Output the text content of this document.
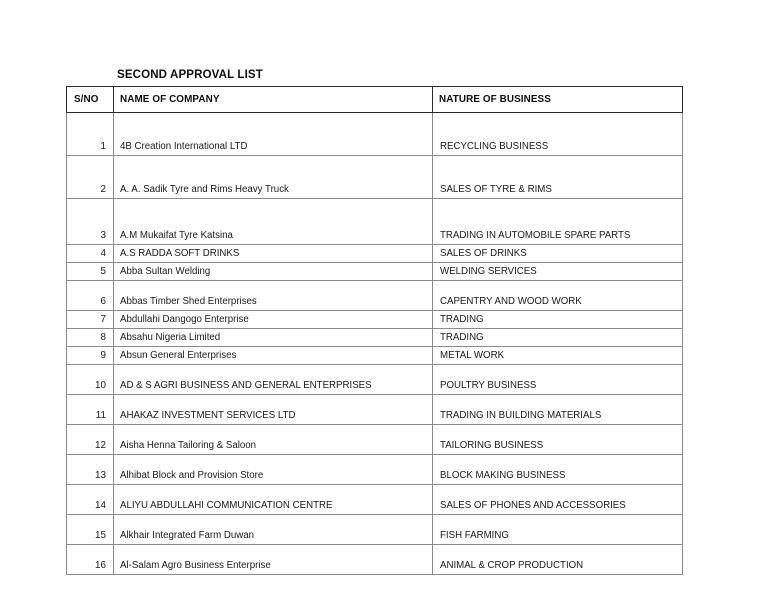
SECOND APPROVAL LIST
S/NO	NAME OF COMPANY	NATURE OF BUSINESS
1	4B Creation International LTD	RECYCLING BUSINESS
2	A. A. Sadik Tyre and Rims Heavy Truck	SALES OF TYRE & RIMS
3	A.M Mukaifat Tyre Katsina	TRADING IN AUTOMOBILE SPARE PARTS
4	A.S RADDA SOFT DRINKS	SALES OF DRINKS
5	Abba Sultan Welding	WELDING SERVICES
6	Abbas Timber Shed Enterprises	CAPENTRY AND WOOD WORK
7	Abdullahi Dangogo Enterprise	TRADING
8	Absahu Nigeria Limited	TRADING
9	Absun General Enterprises	METAL WORK
10	AD & S AGRI BUSINESS AND GENERAL ENTERPRISES	POULTRY BUSINESS
11	AHAKAZ INVESTMENT SERVICES LTD	TRADING IN BUILDING MATERIALS
12	Aisha Henna Tailoring & Saloon	TAILORING BUSINESS
13	Alhibat Block and Provision Store	BLOCK MAKING BUSINESS
14	ALIYU ABDULLAHI COMMUNICATION CENTRE	SALES OF PHONES AND ACCESSORIES
15	Alkhair Integrated Farm Duwan	FISH FARMING
16	Al-Salam Agro Business Enterprise	ANIMAL & CROP PRODUCTION
